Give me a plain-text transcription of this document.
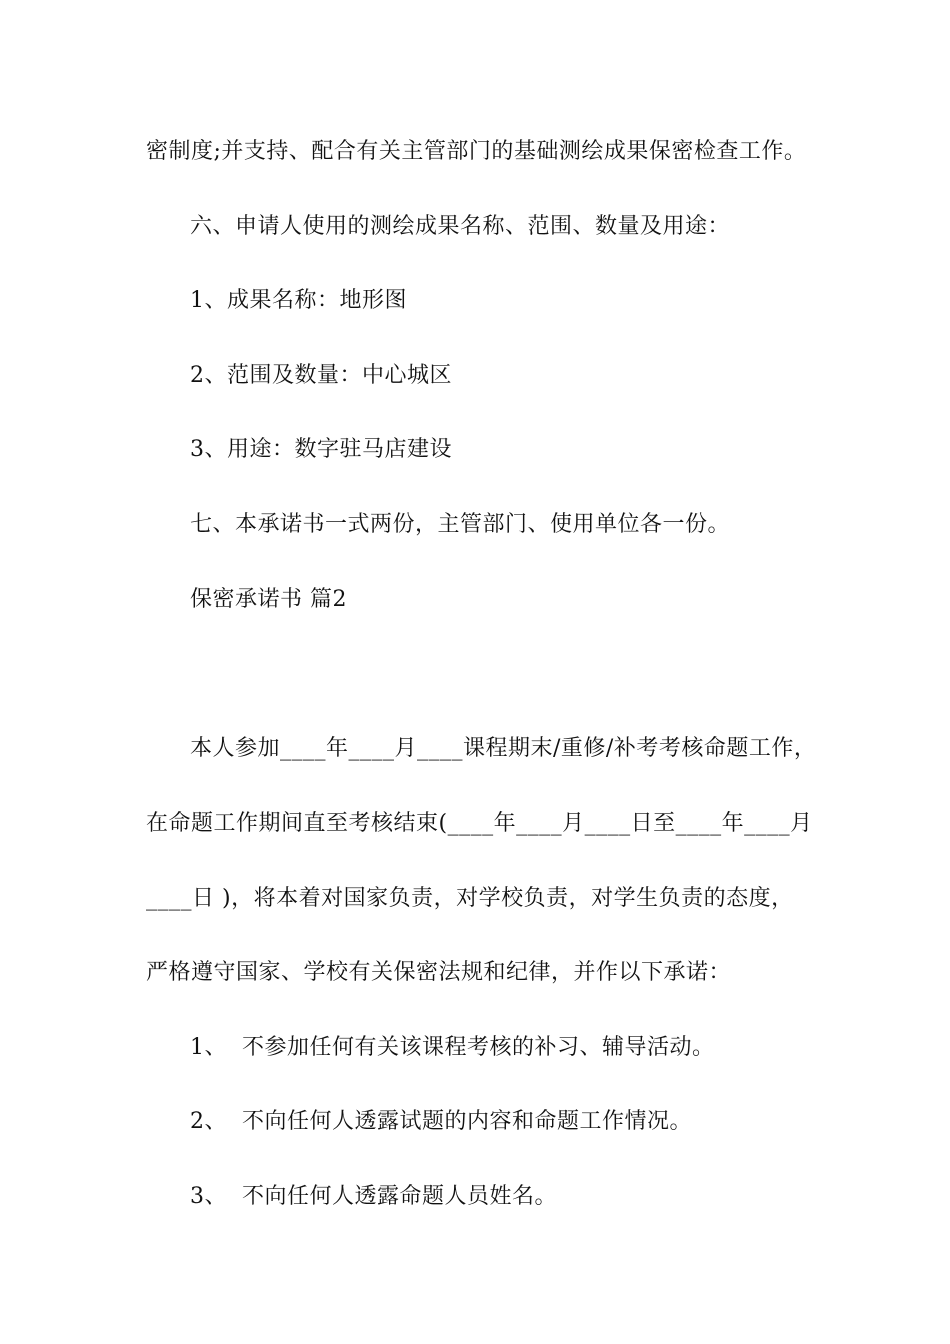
密制度;并支持、配合有关主管部门的基础测绘成果保密检查工作。
六、申请人使用的测绘成果名称、范围、数量及用途：
1、成果名称：地形图
2、范围及数量：中心城区
3、用途：数字驻马店建设
七、本承诺书一式两份，主管部门、使用单位各一份。
保密承诺书 篇2
本人参加____年____月____课程期末/重修/补考考核命题工作，
在命题工作期间直至考核结束(____年____月____日至____年____月
____日 )，将本着对国家负责，对学校负责，对学生负责的态度，
严格遵守国家、学校有关保密法规和纪律，并作以下承诺：
1、  不参加任何有关该课程考核的补习、辅导活动。
2、  不向任何人透露试题的内容和命题工作情况。
3、  不向任何人透露命题人员姓名。
